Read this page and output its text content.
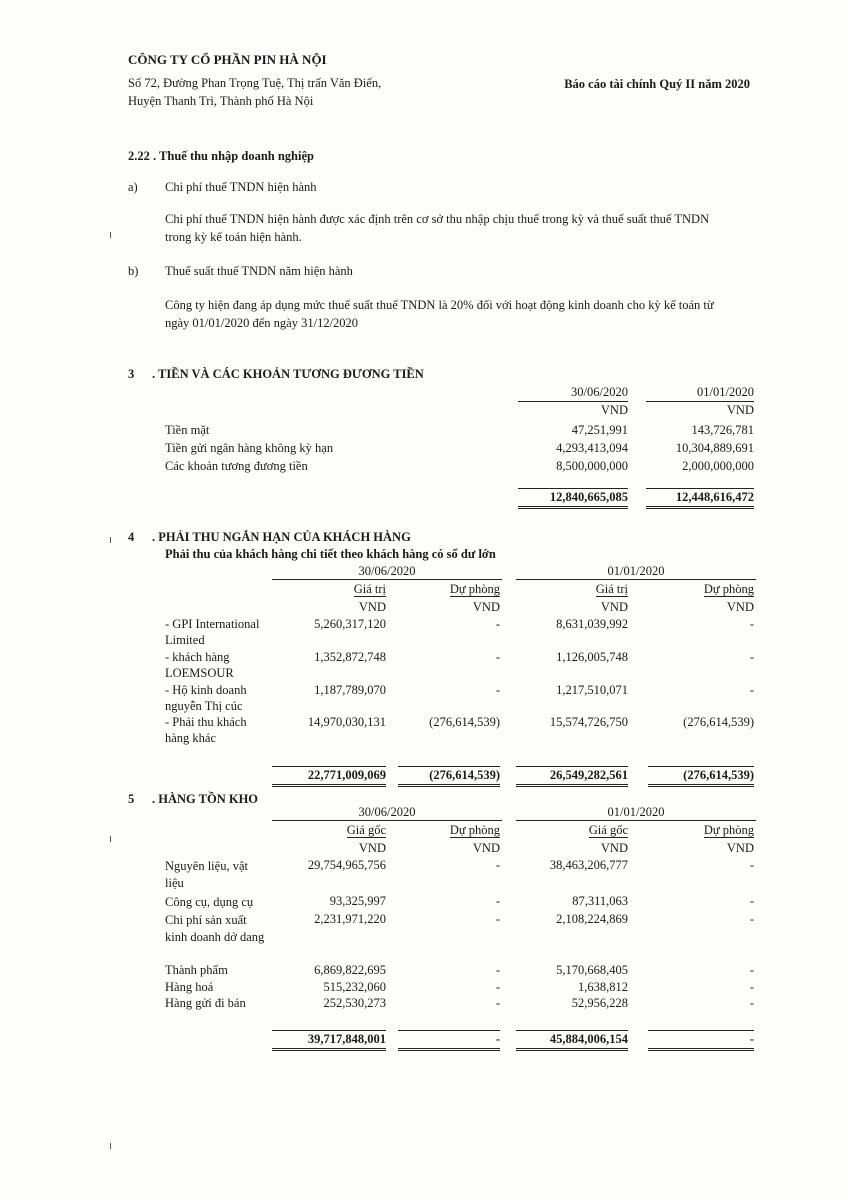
CÔNG TY CỔ PHẦN PIN HÀ NỘI
Số 72, Đường Phan Trọng Tuệ, Thị trấn Văn Điển,
Huyện Thanh Trì, Thành phố Hà Nội
Báo cáo tài chính Quý II năm 2020
2.22 . Thuế thu nhập doanh nghiệp
a) Chi phí thuế TNDN hiện hành
Chi phí thuế TNDN hiện hành được xác định trên cơ sở thu nhập chịu thuế trong kỳ và thuế suất thuế TNDN
trong kỳ kế toán hiện hành.
b) Thuế suất thuế TNDN năm hiện hành
Công ty hiện đang áp dụng mức thuế suất thuế TNDN là 20% đối với hoạt động kinh doanh cho kỳ kế toán từ
ngày 01/01/2020 đến ngày 31/12/2020
3 . TIỀN VÀ CÁC KHOẢN TƯƠNG ĐƯƠNG TIỀN
30/06/2020	01/01/2020
VND	VND
Tiền mặt	47,251,991	143,726,781
Tiền gửi ngân hàng không kỳ hạn	4,293,413,094	10,304,889,691
Các khoản tương đương tiền	8,500,000,000	2,000,000,000
12,840,665,085	12,448,616,472
4 . PHẢI THU NGẮN HẠN CỦA KHÁCH HÀNG
Phải thu của khách hàng chi tiết theo khách hàng có số dư lớn
30/06/2020	01/01/2020
Giá trị	Dự phòng	Giá trị	Dự phòng
VND	VND	VND	VND
- GPI International
Limited
5,260,317,120	-	8,631,039,992	-
- khách hàng
LOEMSOUR
1,352,872,748	-	1,126,005,748	-
- Hộ kinh doanh
nguyễn Thị cúc
1,187,789,070	-	1,217,510,071	-
- Phải thu khách
hàng khác
14,970,030,131	(276,614,539)	15,574,726,750	(276,614,539)
22,771,009,069	(276,614,539)	26,549,282,561	(276,614,539)
5 . HÀNG TỒN KHO
30/06/2020	01/01/2020
Giá gốc	Dự phòng	Giá gốc	Dự phòng
VND	VND	VND	VND
Nguyên liệu, vật liệu
29,754,965,756	-	38,463,206,777	-
Công cụ, dụng cụ	93,325,997	-	87,311,063	-
Chi phí sản xuất kinh doanh dở dang
2,231,971,220	-	2,108,224,869	-
Thành phẩm	6,869,822,695	-	5,170,668,405	-
Hàng hoá	515,232,060	-	1,638,812	-
Hàng gửi đi bán	252,530,273	-	52,956,228	-
39,717,848,001	-	45,884,006,154	-
